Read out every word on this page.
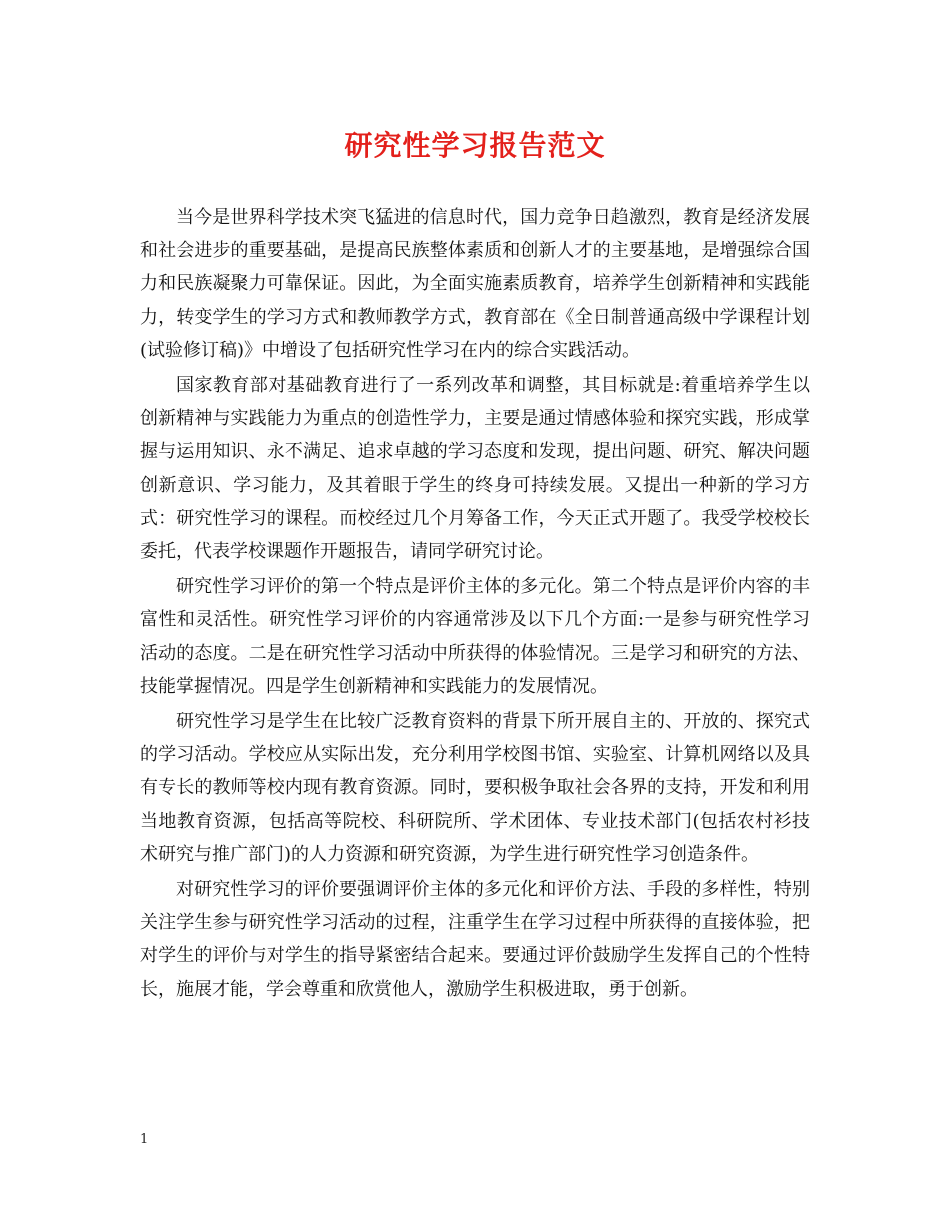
研究性学习报告范文

当今是世界科学技术突飞猛进的信息时代，国力竞争日趋激烈，教育是经济发展和社会进步的重要基础，是提高民族整体素质和创新人才的主要基地，是增强综合国力和民族凝聚力可靠保证。因此，为全面实施素质教育，培养学生创新精神和实践能力，转变学生的学习方式和教师教学方式，教育部在《全日制普通高级中学课程计划(试验修订稿)》中增设了包括研究性学习在内的综合实践活动。

国家教育部对基础教育进行了一系列改革和调整，其目标就是:着重培养学生以创新精神与实践能力为重点的创造性学力，主要是通过情感体验和探究实践，形成掌握与运用知识、永不满足、追求卓越的学习态度和发现，提出问题、研究、解决问题创新意识、学习能力，及其着眼于学生的终身可持续发展。又提出一种新的学习方式：研究性学习的课程。而校经过几个月筹备工作，今天正式开题了。我受学校校长委托，代表学校课题作开题报告，请同学研究讨论。

研究性学习评价的第一个特点是评价主体的多元化。第二个特点是评价内容的丰富性和灵活性。研究性学习评价的内容通常涉及以下几个方面:一是参与研究性学习活动的态度。二是在研究性学习活动中所获得的体验情况。三是学习和研究的方法、技能掌握情况。四是学生创新精神和实践能力的发展情况。

研究性学习是学生在比较广泛教育资料的背景下所开展自主的、开放的、探究式的学习活动。学校应从实际出发，充分利用学校图书馆、实验室、计算机网络以及具有专长的教师等校内现有教育资源。同时，要积极争取社会各界的支持，开发和利用当地教育资源，包括高等院校、科研院所、学术团体、专业技术部门(包括农村衫技术研究与推广部门)的人力资源和研究资源，为学生进行研究性学习创造条件。

对研究性学习的评价要强调评价主体的多元化和评价方法、手段的多样性，特别关注学生参与研究性学习活动的过程，注重学生在学习过程中所获得的直接体验，把对学生的评价与对学生的指导紧密结合起来。要通过评价鼓励学生发挥自己的个性特长，施展才能，学会尊重和欣赏他人，激励学生积极进取，勇于创新。

1
